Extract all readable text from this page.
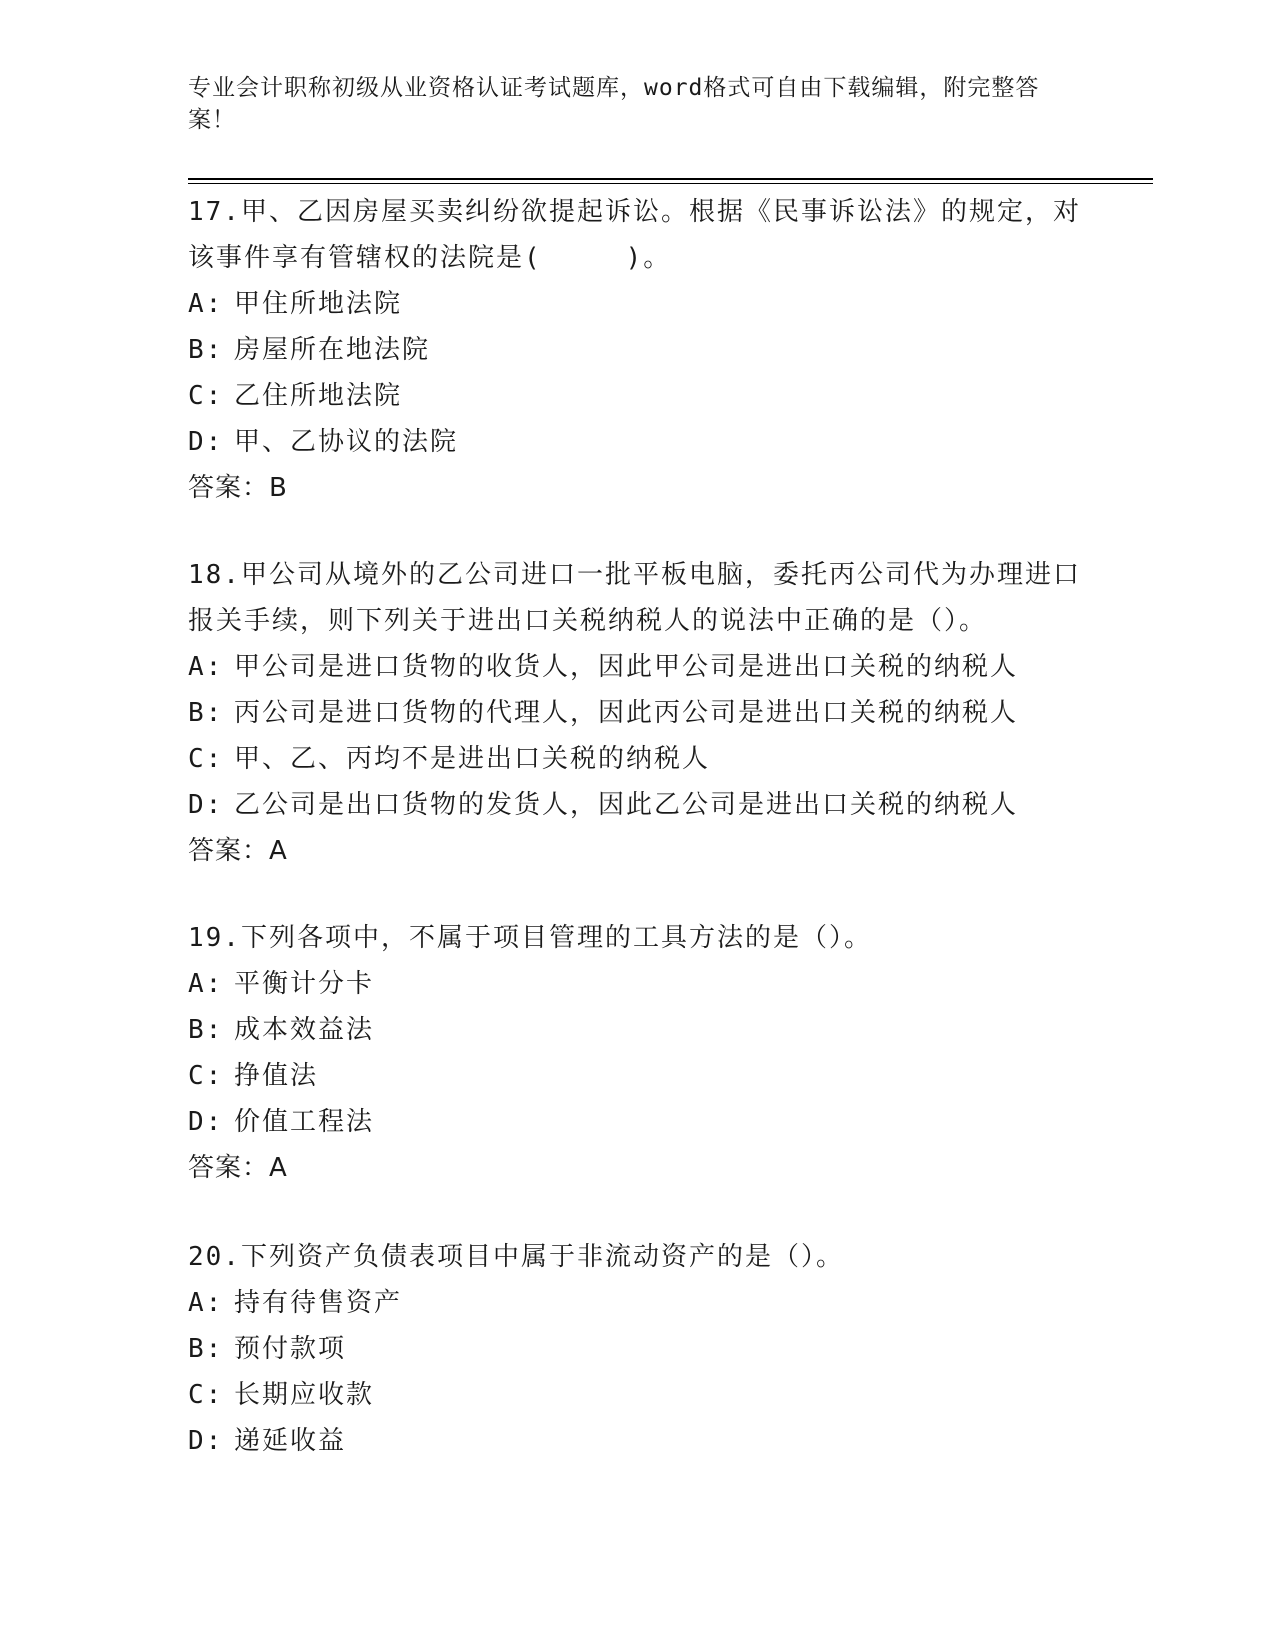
专业会计职称初级从业资格认证考试题库，word格式可自由下载编辑，附完整答案！

17.甲、乙因房屋买卖纠纷欲提起诉讼。根据《民事诉讼法》的规定，对该事件享有管辖权的法院是(　　　)。

A: 甲住所地法院

B: 房屋所在地法院

C: 乙住所地法院

D: 甲、乙协议的法院

答案：B

18.甲公司从境外的乙公司进口一批平板电脑，委托丙公司代为办理进口报关手续，则下列关于进出口关税纳税人的说法中正确的是（）。

A: 甲公司是进口货物的收货人，因此甲公司是进出口关税的纳税人

B: 丙公司是进口货物的代理人，因此丙公司是进出口关税的纳税人

C: 甲、乙、丙均不是进出口关税的纳税人

D: 乙公司是出口货物的发货人，因此乙公司是进出口关税的纳税人

答案：A

19.下列各项中，不属于项目管理的工具方法的是（）。

A: 平衡计分卡

B: 成本效益法

C: 挣值法

D: 价值工程法

答案：A

20.下列资产负债表项目中属于非流动资产的是（）。

A: 持有待售资产

B: 预付款项

C: 长期应收款

D: 递延收益
